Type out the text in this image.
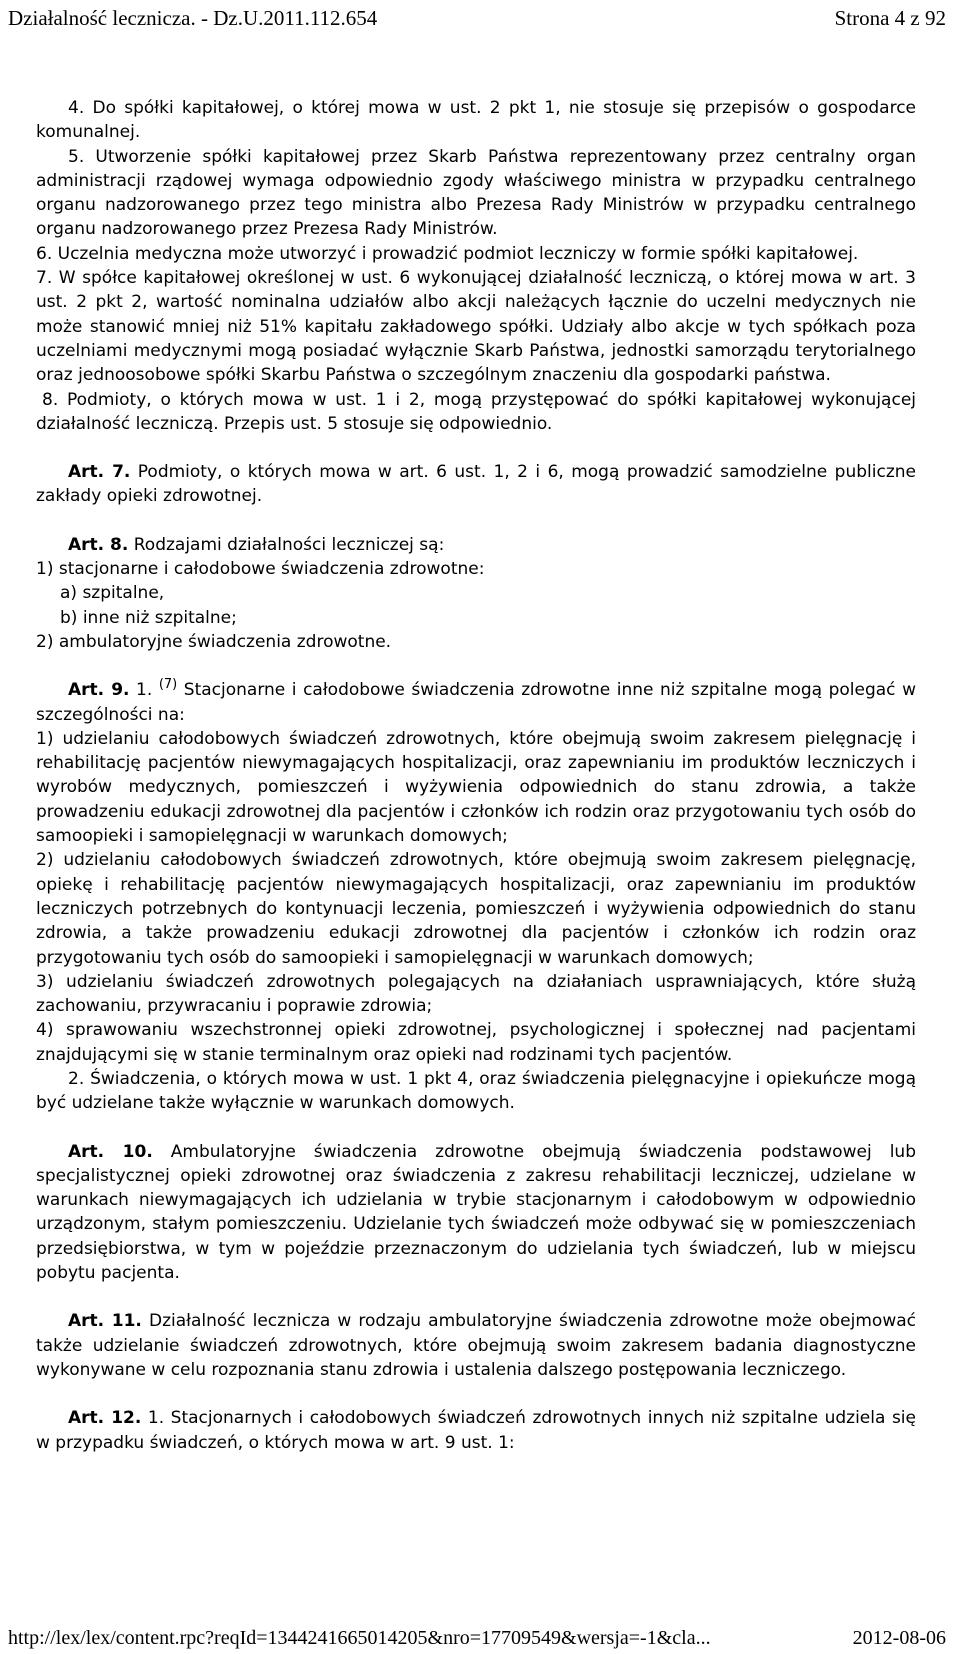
Działalność lecznicza. - Dz.U.2011.112.654	Strona 4 z 92

4. Do spółki kapitałowej, o której mowa w ust. 2 pkt 1, nie stosuje się przepisów o gospodarce komunalnej.

5. Utworzenie spółki kapitałowej przez Skarb Państwa reprezentowany przez centralny organ administracji rządowej wymaga odpowiednio zgody właściwego ministra w przypadku centralnego organu nadzorowanego przez tego ministra albo Prezesa Rady Ministrów w przypadku centralnego organu nadzorowanego przez Prezesa Rady Ministrów.

6. Uczelnia medyczna może utworzyć i prowadzić podmiot leczniczy w formie spółki kapitałowej.

7. W spółce kapitałowej określonej w ust. 6 wykonującej działalność leczniczą, o której mowa w art. 3 ust. 2 pkt 2, wartość nominalna udziałów albo akcji należących łącznie do uczelni medycznych nie może stanowić mniej niż 51% kapitału zakładowego spółki. Udziały albo akcje w tych spółkach poza uczelniami medycznymi mogą posiadać wyłącznie Skarb Państwa, jednostki samorządu terytorialnego oraz jednoosobowe spółki Skarbu Państwa o szczególnym znaczeniu dla gospodarki państwa.

8. Podmioty, o których mowa w ust. 1 i 2, mogą przystępować do spółki kapitałowej wykonującej działalność leczniczą. Przepis ust. 5 stosuje się odpowiednio.

Art. 7. Podmioty, o których mowa w art. 6 ust. 1, 2 i 6, mogą prowadzić samodzielne publiczne zakłady opieki zdrowotnej.

Art. 8. Rodzajami działalności leczniczej są:

1) stacjonarne i całodobowe świadczenia zdrowotne:

a) szpitalne,

b) inne niż szpitalne;

2) ambulatoryjne świadczenia zdrowotne.

Art. 9. 1. $^{(7)}$ Stacjonarne i całodobowe świadczenia zdrowotne inne niż szpitalne mogą polegać w szczególności na:

1) udzielaniu całodobowych świadczeń zdrowotnych, które obejmują swoim zakresem pielęgnację i rehabilitację pacjentów niewymagających hospitalizacji, oraz zapewnianiu im produktów leczniczych i wyrobów medycznych, pomieszczeń i wyżywienia odpowiednich do stanu zdrowia, a także prowadzeniu edukacji zdrowotnej dla pacjentów i członków ich rodzin oraz przygotowaniu tych osób do samoopieki i samopielęgnacji w warunkach domowych;

2) udzielaniu całodobowych świadczeń zdrowotnych, które obejmują swoim zakresem pielęgnację, opiekę i rehabilitację pacjentów niewymagających hospitalizacji, oraz zapewnianiu im produktów leczniczych potrzebnych do kontynuacji leczenia, pomieszczeń i wyżywienia odpowiednich do stanu zdrowia, a także prowadzeniu edukacji zdrowotnej dla pacjentów i członków ich rodzin oraz przygotowaniu tych osób do samoopieki i samopielęgnacji w warunkach domowych;

3) udzielaniu świadczeń zdrowotnych polegających na działaniach usprawniających, które służą zachowaniu, przywracaniu i poprawie zdrowia;

4) sprawowaniu wszechstronnej opieki zdrowotnej, psychologicznej i społecznej nad pacjentami znajdującymi się w stanie terminalnym oraz opieki nad rodzinami tych pacjentów.

2. Świadczenia, o których mowa w ust. 1 pkt 4, oraz świadczenia pielęgnacyjne i opiekuńcze mogą być udzielane także wyłącznie w warunkach domowych.

Art. 10. Ambulatoryjne świadczenia zdrowotne obejmują świadczenia podstawowej lub specjalistycznej opieki zdrowotnej oraz świadczenia z zakresu rehabilitacji leczniczej, udzielane w warunkach niewymagających ich udzielania w trybie stacjonarnym i całodobowym w odpowiednio urządzonym, stałym pomieszczeniu. Udzielanie tych świadczeń może odbywać się w pomieszczeniach przedsiębiorstwa, w tym w pojeździe przeznaczonym do udzielania tych świadczeń, lub w miejscu pobytu pacjenta.

Art. 11. Działalność lecznicza w rodzaju ambulatoryjne świadczenia zdrowotne może obejmować także udzielanie świadczeń zdrowotnych, które obejmują swoim zakresem badania diagnostyczne wykonywane w celu rozpoznania stanu zdrowia i ustalenia dalszego postępowania leczniczego.

Art. 12. 1. Stacjonarnych i całodobowych świadczeń zdrowotnych innych niż szpitalne udziela się w przypadku świadczeń, o których mowa w art. 9 ust. 1:

http://lex/lex/content.rpc?reqId=1344241665014205&nro=17709549&wersja=-1&cla...	2012-08-06
